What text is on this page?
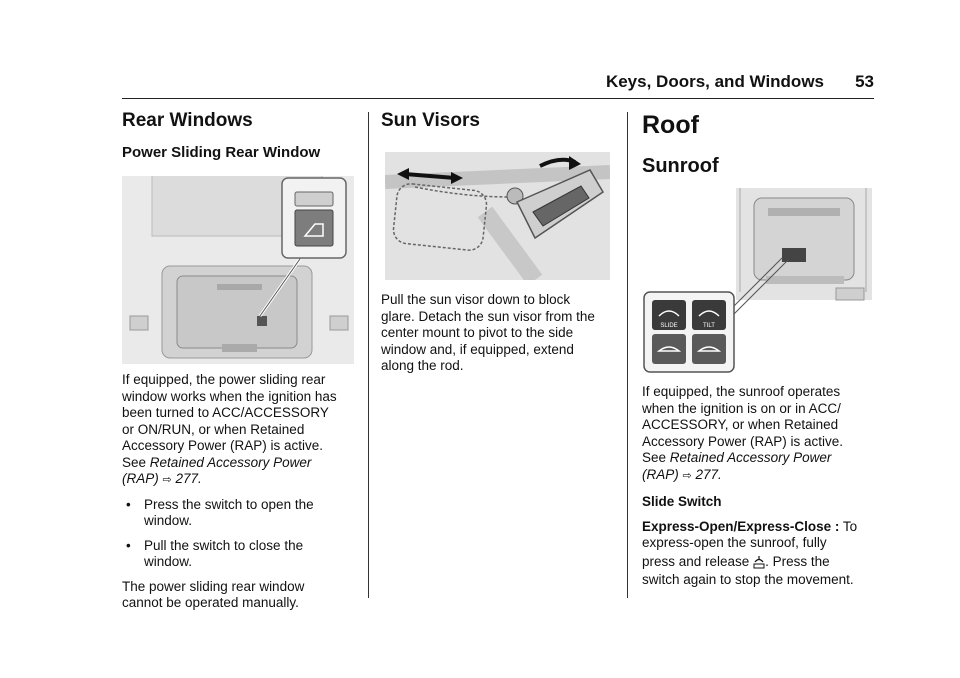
Keys, Doors, and Windows 53
Rear Windows
Power Sliding Rear Window

If equipped, the power sliding rear
window works when the ignition has
been turned to ACC/ACCESSORY
or ON/RUN, or when Retained
Accessory Power (RAP) is active.
See Retained Accessory Power
(RAP) ⇨ 277.

• Press the switch to open the
window.

• Pull the switch to close the
window.

The power sliding rear window
cannot be operated manually.

Sun Visors

Pull the sun visor down to block
glare. Detach the sun visor from the
center mount to pivot to the side
window and, if equipped, extend
along the rod.

Roof
Sunroof
SLIDE	TILT

If equipped, the sunroof operates
when the ignition is on or in ACC/
ACCESSORY, or when Retained
Accessory Power (RAP) is active.
See Retained Accessory Power
(RAP) ⇨ 277.

Slide Switch

Express-Open/Express-Close : To
express-open the sunroof, fully
press and release . Press the
switch again to stop the movement.
